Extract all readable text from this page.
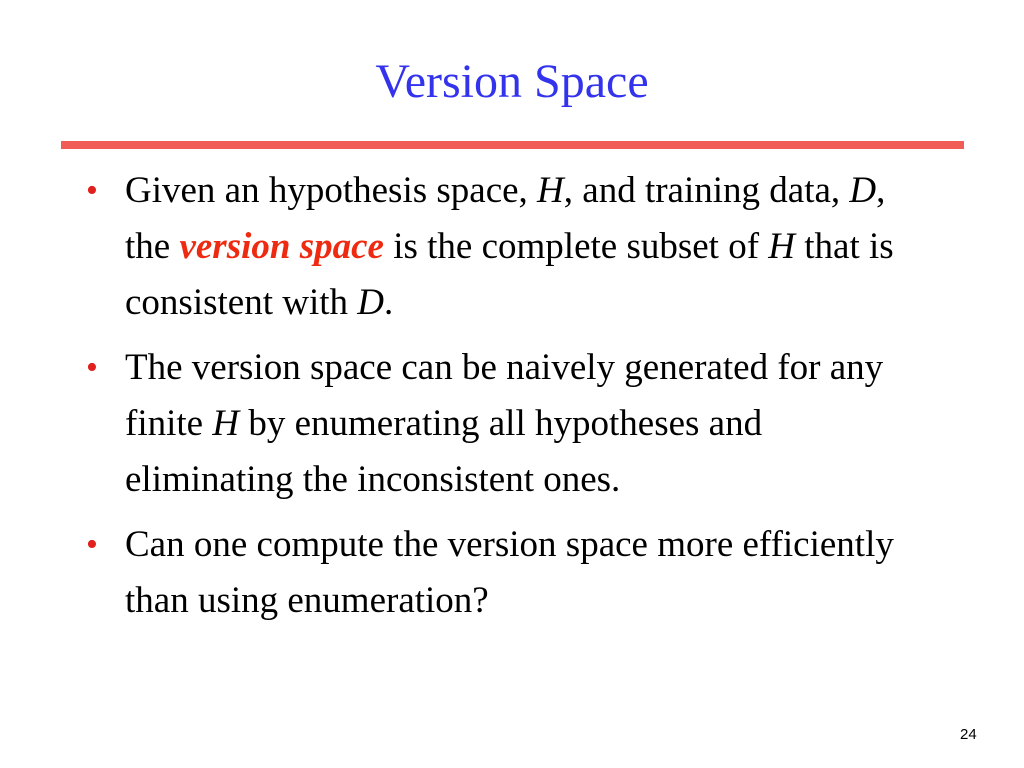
Version Space
• Given an hypothesis space, H, and training data, D, the version space is the complete subset of H that is consistent with D.
• The version space can be naively generated for any finite H by enumerating all hypotheses and eliminating the inconsistent ones.
• Can one compute the version space more efficiently than using enumeration?
24
